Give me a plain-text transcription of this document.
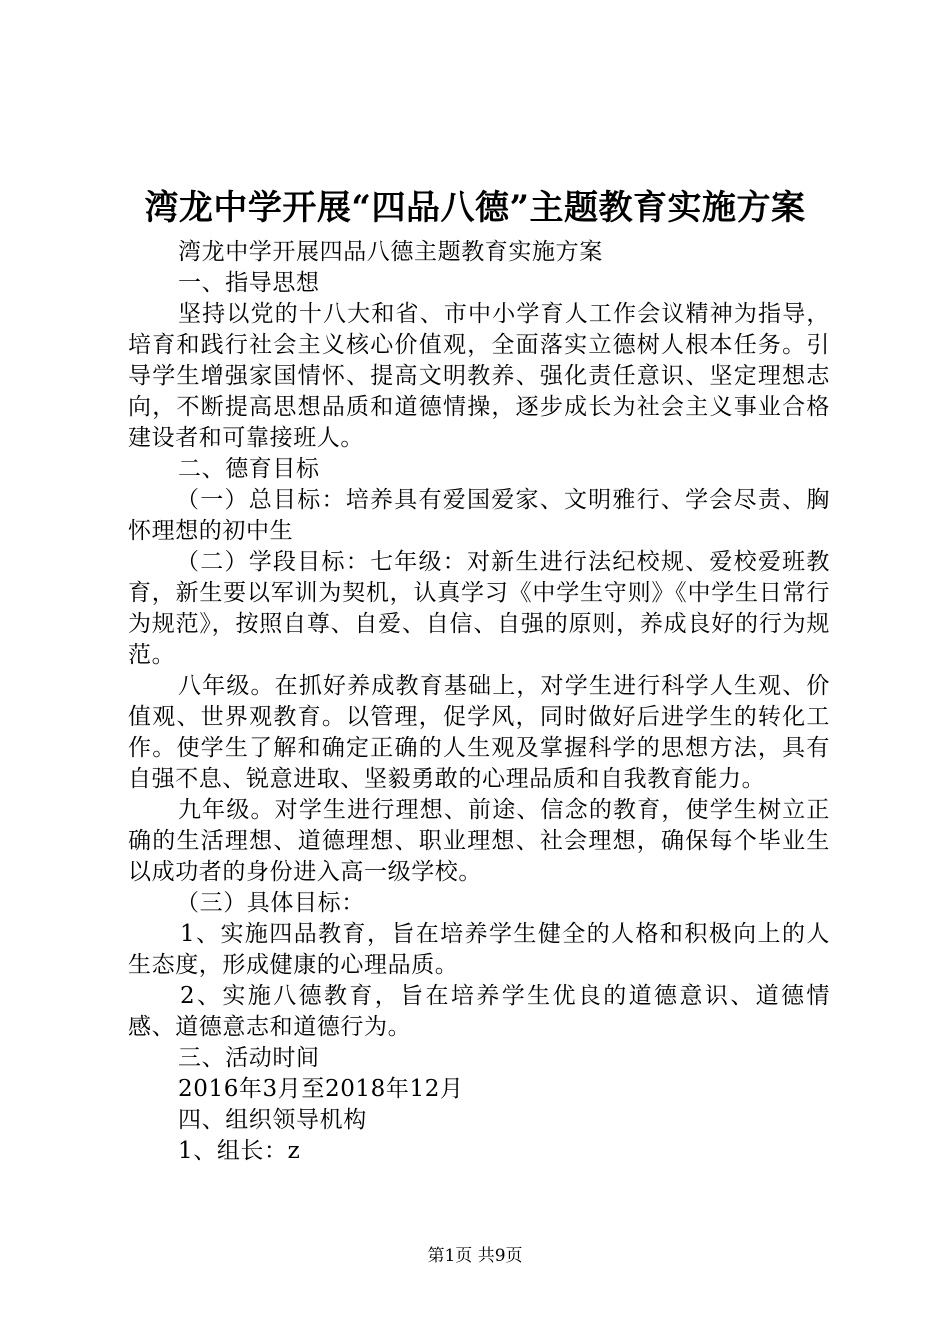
湾龙中学开展“四品八德”主题教育实施方案

湾龙中学开展四品八德主题教育实施方案

一、指导思想

坚持以党的十八大和省、市中小学育人工作会议精神为指导，培育和践行社会主义核心价值观，全面落实立德树人根本任务。引导学生增强家国情怀、提高文明教养、强化责任意识、坚定理想志向，不断提高思想品质和道德情操，逐步成长为社会主义事业合格建设者和可靠接班人。

二、德育目标

（一）总目标：培养具有爱国爱家、文明雅行、学会尽责、胸怀理想的初中生

（二）学段目标：七年级：对新生进行法纪校规、爱校爱班教育，新生要以军训为契机，认真学习《中学生守则》《中学生日常行为规范》，按照自尊、自爱、自信、自强的原则，养成良好的行为规范。

八年级。在抓好养成教育基础上，对学生进行科学人生观、价值观、世界观教育。以管理，促学风，同时做好后进学生的转化工作。使学生了解和确定正确的人生观及掌握科学的思想方法，具有自强不息、锐意进取、坚毅勇敢的心理品质和自我教育能力。

九年级。对学生进行理想、前途、信念的教育，使学生树立正确的生活理想、道德理想、职业理想、社会理想，确保每个毕业生以成功者的身份进入高一级学校。

（三）具体目标：

1、实施四品教育，旨在培养学生健全的人格和积极向上的人生态度，形成健康的心理品质。

2、实施八德教育，旨在培养学生优良的道德意识、道德情感、道德意志和道德行为。

三、活动时间

2016年3月至2018年12月

四、组织领导机构

1、组长：z

第1页 共9页
